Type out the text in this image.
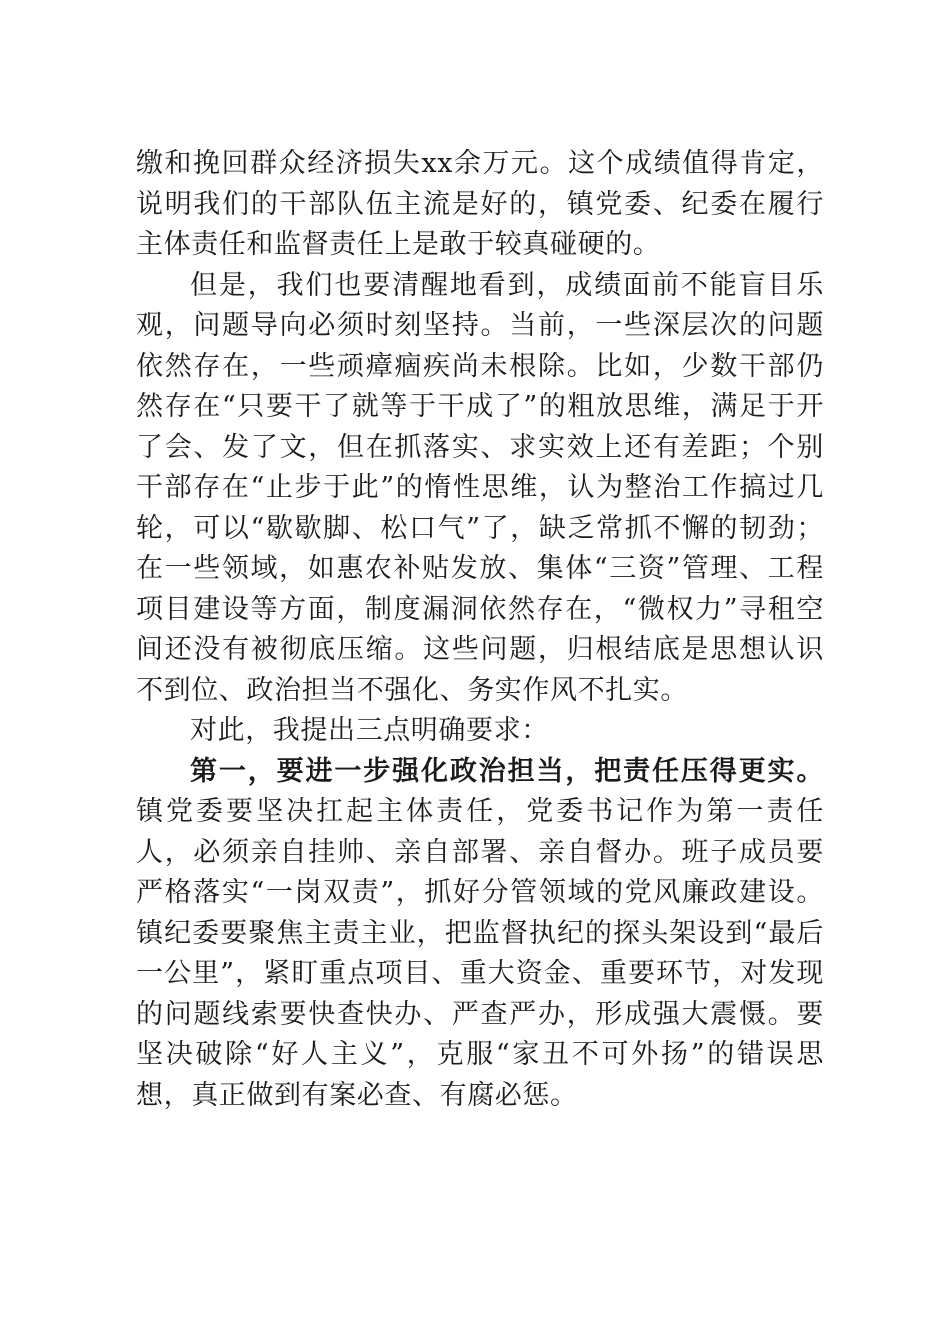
缴和挽回群众经济损失xx余万元。这个成绩值得肯定，说明我们的干部队伍主流是好的，镇党委、纪委在履行主体责任和监督责任上是敢于较真碰硬的。

但是，我们也要清醒地看到，成绩面前不能盲目乐观，问题导向必须时刻坚持。当前，一些深层次的问题依然存在，一些顽瘴痼疾尚未根除。比如，少数干部仍然存在“只要干了就等于干成了”的粗放思维，满足于开了会、发了文，但在抓落实、求实效上还有差距；个别干部存在“止步于此”的惰性思维，认为整治工作搞过几轮，可以“歇歇脚、松口气”了，缺乏常抓不懈的韧劲；在一些领域，如惠农补贴发放、集体“三资”管理、工程项目建设等方面，制度漏洞依然存在，“微权力”寻租空间还没有被彻底压缩。这些问题，归根结底是思想认识不到位、政治担当不强化、务实作风不扎实。

对此，我提出三点明确要求：

第一，要进一步强化政治担当，把责任压得更实。镇党委要坚决扛起主体责任，党委书记作为第一责任人，必须亲自挂帅、亲自部署、亲自督办。班子成员要严格落实“一岗双责”，抓好分管领域的党风廉政建设。镇纪委要聚焦主责主业，把监督执纪的探头架设到“最后一公里”，紧盯重点项目、重大资金、重要环节，对发现的问题线索要快查快办、严查严办，形成强大震慑。要坚决破除“好人主义”，克服“家丑不可外扬”的错误思想，真正做到有案必查、有腐必惩。
